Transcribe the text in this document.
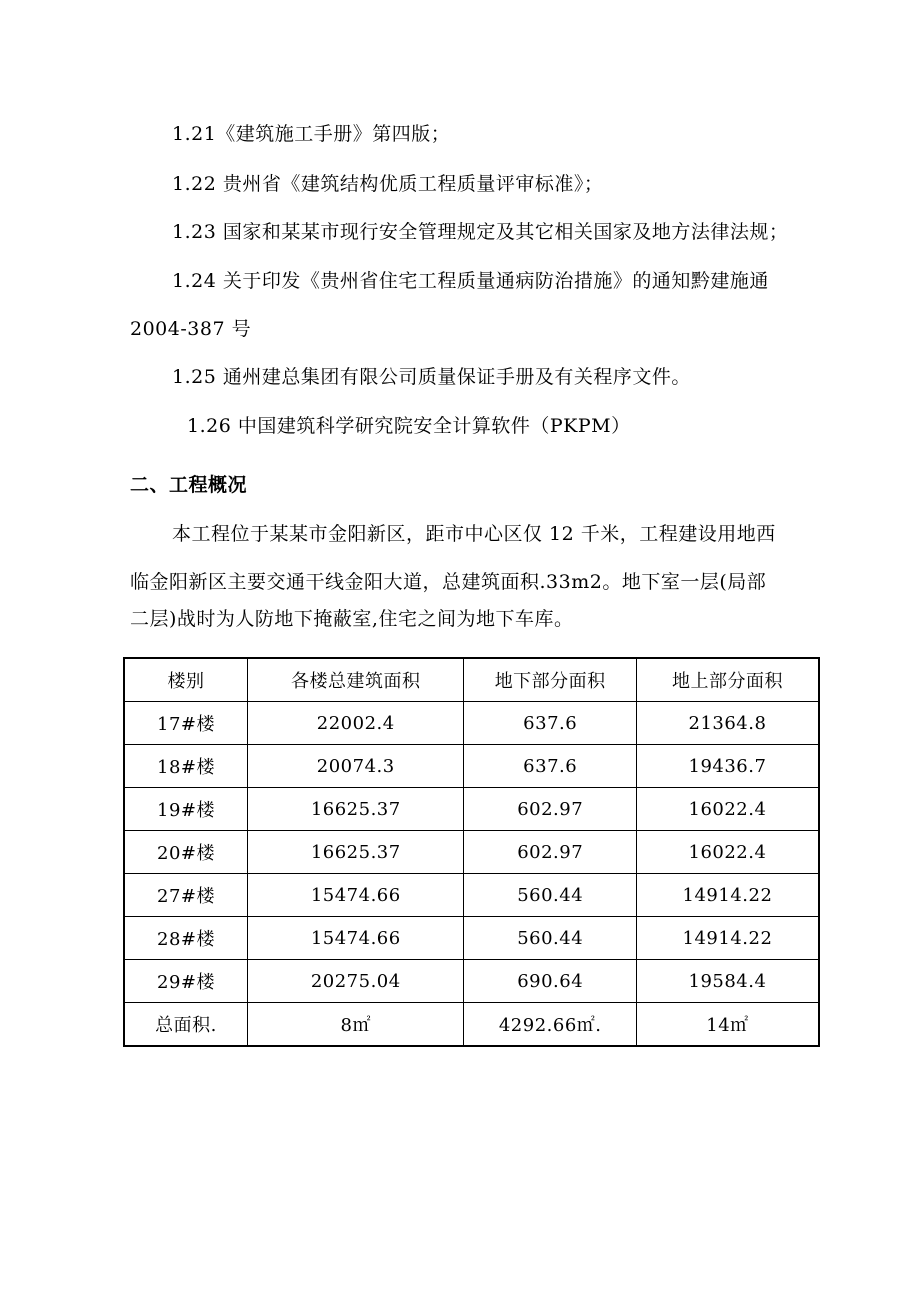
1.21《建筑施工手册》第四版；
1.22 贵州省《建筑结构优质工程质量评审标准》；
1.23 国家和某某市现行安全管理规定及其它相关国家及地方法律法规；
1.24 关于印发《贵州省住宅工程质量通病防治措施》的通知黔建施通
2004-387 号
1.25 通州建总集团有限公司质量保证手册及有关程序文件。
1.26 中国建筑科学研究院安全计算软件（PKPM）
二、工程概况
本工程位于某某市金阳新区，距市中心区仅 12 千米，工程建设用地西
临金阳新区主要交通干线金阳大道，总建筑面积.33m2。地下室一层(局部
二层)战时为人防地下掩蔽室,住宅之间为地下车库。
楼别	各楼总建筑面积	地下部分面积	地上部分面积
17#楼	22002.4	637.6	21364.8
18#楼	20074.3	637.6	19436.7
19#楼	16625.37	602.97	16022.4
20#楼	16625.37	602.97	16022.4
27#楼	15474.66	560.44	14914.22
28#楼	15474.66	560.44	14914.22
29#楼	20275.04	690.64	19584.4
总面积.	8㎡	4292.66㎡.	14㎡
